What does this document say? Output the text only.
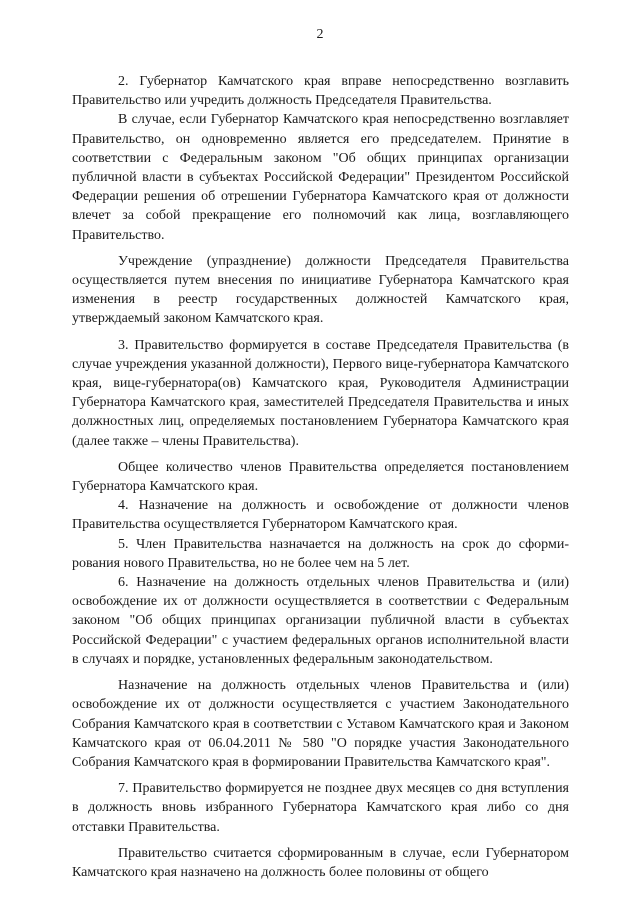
2

2. Губернатор Камчатского края вправе непосредственно возглавить Правительство или учредить должность Председателя Правительства.

В случае, если Губернатор Камчатского края непосредственно возглавляет Правительство, он одновременно является его председателем. Принятие в соответствии с Федеральным законом "Об общих принципах организации публичной власти в субъектах Российской Федерации" Президентом Российской Федерации решения об отрешении Губернатора Камчатского края от должности влечет за собой прекращение его полномочий как лица, возглавляющего Правительство.

Учреждение (упразднение) должности Председателя Правительства осуществляется путем внесения по инициативе Губернатора Камчатского края изменения в реестр государственных должностей Камчатского края, утверждаемый законом Камчатского края.

3. Правительство формируется в составе Председателя Правительства (в случае учреждения указанной должности), Первого вице-губернатора Камчатского края, вице-губернатора(ов) Камчатского края, Руководителя Администрации Губернатора Камчатского края, заместителей Председателя Правительства и иных должностных лиц, определяемых постановлением Губернатора Камчатского края (далее также – члены Правительства).

Общее количество членов Правительства определяется постановлением Губернатора Камчатского края.

4. Назначение на должность и освобождение от должности членов Правительства осуществляется Губернатором Камчатского края.

5. Член Правительства назначается на должность на срок до сформирования нового Правительства, но не более чем на 5 лет.

6. Назначение на должность отдельных членов Правительства и (или) освобождение их от должности осуществляется в соответствии с Федеральным законом "Об общих принципах организации публичной власти в субъектах Российской Федерации" с участием федеральных органов исполнительной власти в случаях и порядке, установленных федеральным законодательством.

Назначение на должность отдельных членов Правительства и (или) освобождение их от должности осуществляется с участием Законодательного Собрания Камчатского края в соответствии с Уставом Камчатского края и Законом Камчатского края от 06.04.2011 № 580 "О порядке участия Законодательного Собрания Камчатского края в формировании Правительства Камчатского края".

7. Правительство формируется не позднее двух месяцев со дня вступления в должность вновь избранного Губернатора Камчатского края либо со дня отставки Правительства.

Правительство считается сформированным в случае, если Губернатором Камчатского края назначено на должность более половины от общего
